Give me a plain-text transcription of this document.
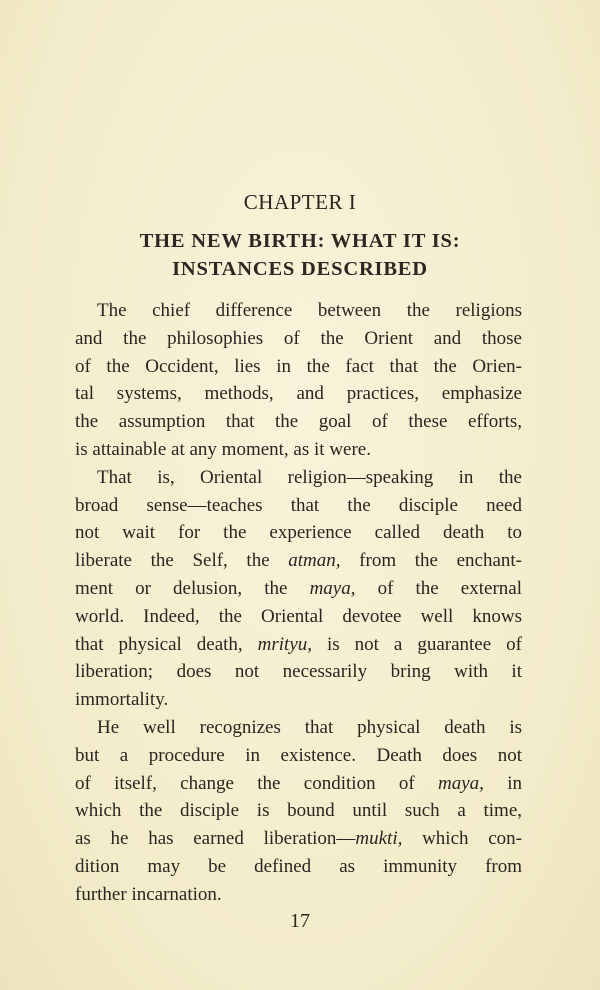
CHAPTER I
THE NEW BIRTH: WHAT IT IS:
INSTANCES DESCRIBED
The chief difference between the religions
and the philosophies of the Orient and those
of the Occident, lies in the fact that the Orien-
tal systems, methods, and practices, emphasize
the assumption that the goal of these efforts,
is attainable at any moment, as it were.
That is, Oriental religion—speaking in the
broad sense—teaches that the disciple need
not wait for the experience called death to
liberate the Self, the atman, from the enchant-
ment or delusion, the maya, of the external
world. Indeed, the Oriental devotee well knows
that physical death, mrityu, is not a guarantee of
liberation; does not necessarily bring with it
immortality.
He well recognizes that physical death is
but a procedure in existence. Death does not
of itself, change the condition of maya, in
which the disciple is bound until such a time,
as he has earned liberation—mukti, which con-
dition may be defined as immunity from
further incarnation.
17
